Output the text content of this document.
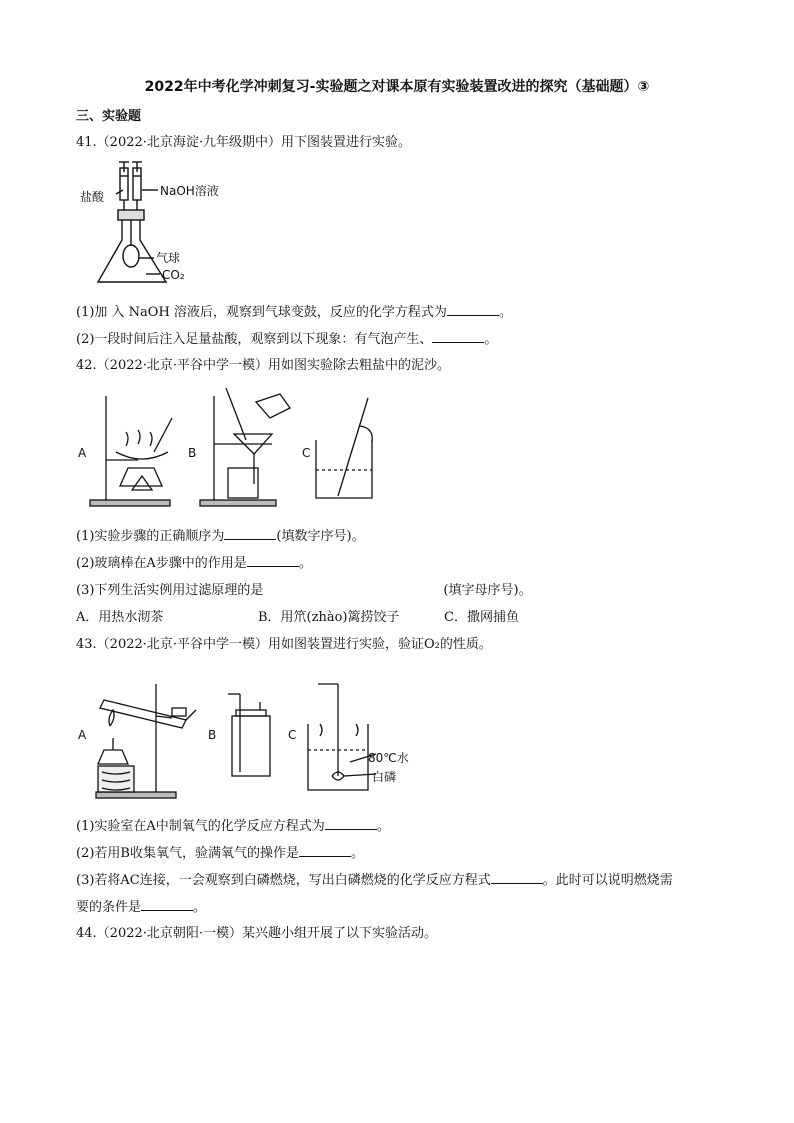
2022年中考化学冲刺复习-实验题之对课本原有实验装置改进的探究（基础题）③
三、实验题
41.（2022·北京海淀·九年级期中）用下图装置进行实验。
盐酸	NaOH溶液
气球
CO₂
(1)加 入 NaOH 溶液后，观察到气球变鼓，反应的化学方程式为	。
(2)一段时间后注入足量盐酸，观察到以下现象：有气泡产生、	。
42.（2022·北京·平谷中学一模）用如图实验除去粗盐中的泥沙。
A	B	C
(1)实验步骤的正确顺序为	(填数字序号)。
(2)玻璃棒在A步骤中的作用是	。
(3)下列生活实例用过滤原理的是	(填字母序号)。
A．用热水沏茶	B．用笊(zhào)篱捞饺子	C．撒网捕鱼
43.（2022·北京·平谷中学一模）用如图装置进行实验，验证O₂的性质。
A	B	C
80℃水
白磷
(1)实验室在A中制氧气的化学反应方程式为	。
(2)若用B收集氧气，验满氧气的操作是	。
(3)若将AC连接，一会观察到白磷燃烧，写出白磷燃烧的化学反应方程式	。此时可以说明燃烧需
要的条件是	。
44.（2022·北京朝阳·一模）某兴趣小组开展了以下实验活动。
